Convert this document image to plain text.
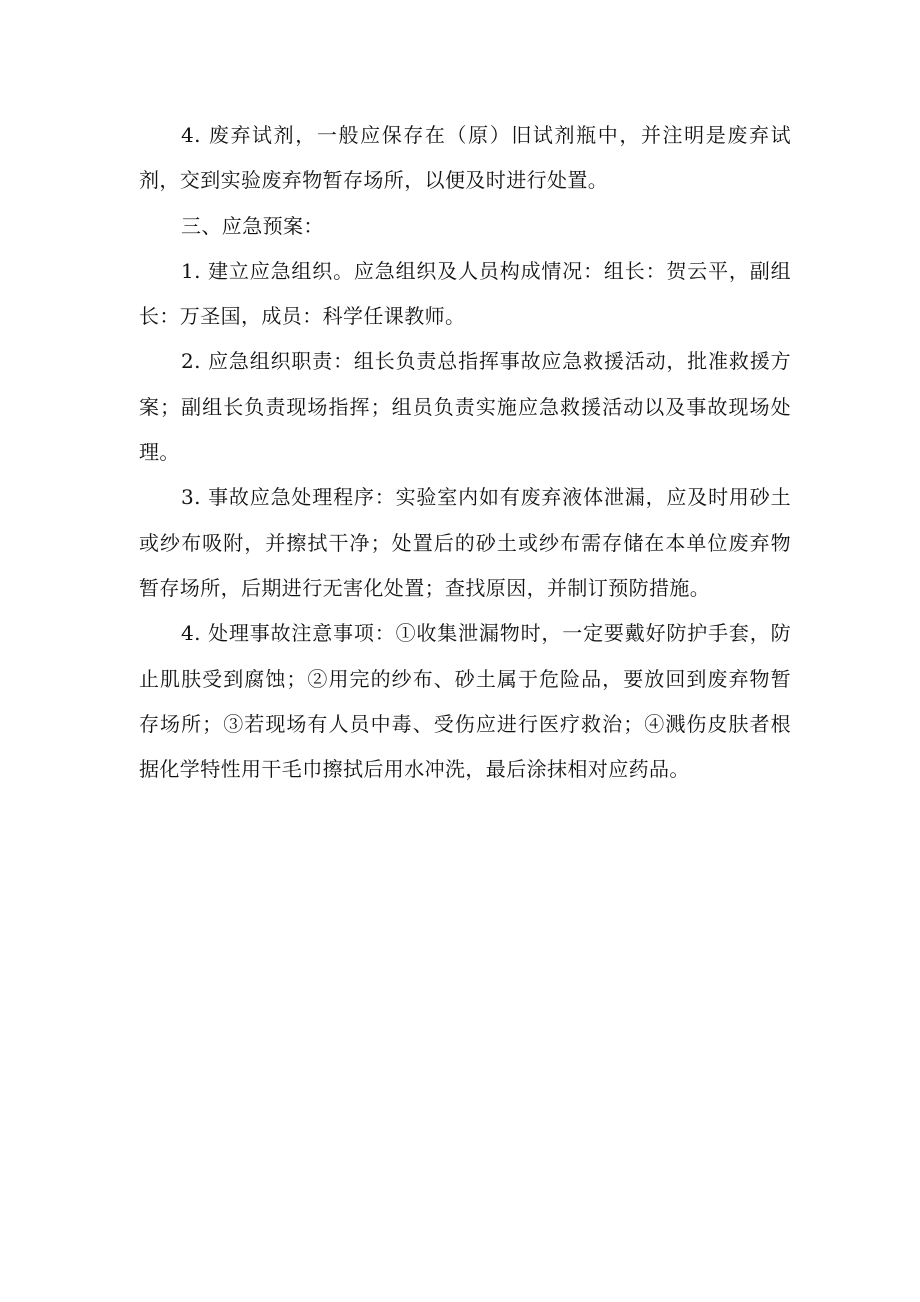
4. 废弃试剂，一般应保存在（原）旧试剂瓶中，并注明是废弃试剂，交到实验废弃物暂存场所，以便及时进行处置。

三、应急预案：

1. 建立应急组织。应急组织及人员构成情况：组长：贺云平，副组长：万圣国，成员：科学任课教师。

2. 应急组织职责：组长负责总指挥事故应急救援活动，批准救援方案；副组长负责现场指挥；组员负责实施应急救援活动以及事故现场处理。

3. 事故应急处理程序：实验室内如有废弃液体泄漏，应及时用砂土或纱布吸附，并擦拭干净；处置后的砂土或纱布需存储在本单位废弃物暂存场所，后期进行无害化处置；查找原因，并制订预防措施。

4. 处理事故注意事项：①收集泄漏物时，一定要戴好防护手套，防止肌肤受到腐蚀；②用完的纱布、砂土属于危险品，要放回到废弃物暂存场所；③若现场有人员中毒、受伤应进行医疗救治；④溅伤皮肤者根据化学特性用干毛巾擦拭后用水冲洗，最后涂抹相对应药品。
